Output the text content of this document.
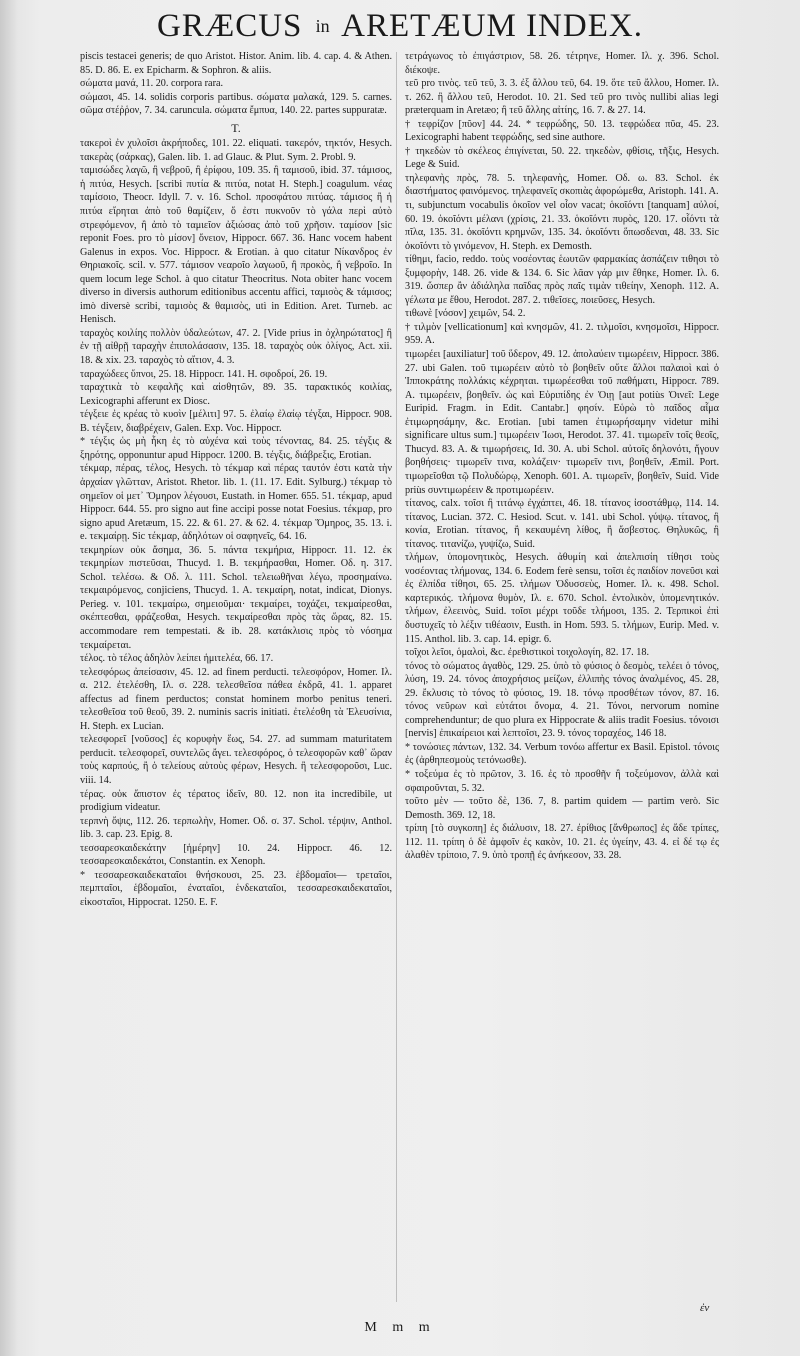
GRÆCUS in ARETÆUM INDEX.

piscis testacei generis; de quo Aristot. Histor. Anim. lib. 4. cap. 4. & Athen. 85. D. 86. E. ex Epicharm. & Sophron. & aliis.

σώματα μανά, 11. 20. corpora rara.

σώμασι, 45. 14. solidis corporis partibus. σώματα μαλακά, 129. 5. carnes. σῶμα στέῤῥον, 7. 34. caruncula. σώματα ἔμπυα, 140. 22. partes suppuratæ.

T.

τακερoὶ ἐν χυλοῖσι ἀκρήποδες, 101. 22. eliquati. τακερόν, τηκτόν, Hesych. τακερὰς (σάρκας), Galen. lib. 1. ad Glauc. & Plut. Sym. 2. Probl. 9.

ταμισώδες λαγῶ, ἢ νεβροῦ, ἢ ἐρίφου, 109. 35. ἢ ταμισοῦ, ibid. 37. τάμισος, ἡ πιτύα, Hesych. [scribi πυτία & πιτύα, notat H. Steph.] coagulum. νέας ταμίσοιο, Theocr. Idyll. 7. v. 16. Schol. προσφάτου πιτύας. τάμισος ἢ ἡ πιτύα εἴρηται ἀπὸ τοῦ θαμίζειν, ὅ ἐστι πυκνοῦν τὸ γάλα περὶ αὐτὸ στρεφόμενον, ἢ ἀπὸ τὸ ταμιεῖον ἀξιώσας ἀπὸ τοῦ χρῆσιν. ταμίσον [sic reponit Foes. pro τὸ μίσον] ὄνειον, Hippocr. 667. 36. Hanc vocem habent Galenus in expos. Voc. Hippocr. & Erotian. à quo citatur Νίκανδρος ἐν Θηριακοῖς. scil. v. 577. τάμισον νεαροῖο λαγωοῦ, ἢ προκὸς, ἢ νεβροῖο. In quem locum lege Schol. à quo citatur Theocritus. Nota obiter hanc vocem diverso in diversis authorum editionibus accentu affici, ταμισὸς & τάμισος; imò diversè scribi, ταμισὸς & θαμισὸς, utì in Edition. Aret. Turneb. ac Henisch.

ταραχὸς κοιλίης πολλὸν ὑδαλεώτων, 47. 2. [Vide prius in ὀχληρώτατος] ἢ ἐν τῇ αἰθρῇ ταραχὴν ἐπιπολάσασιν, 135. 18. ταραχὸς οὐκ ὀλίγος, Act. xii. 18. & xix. 23. ταραχὸς τὸ αἴτιον, 4. 3.

ταραχώδεες ὕπνοι, 25. 18. Hippocr. 141. H. σφοδροί, 26. 19.

ταραχτικὰ τὸ κεφαλῆς καὶ αἰσθητῶν, 89. 35. ταρακτικός κοιλίας, Lexicographi afferunt ex Diosc.

τέγξειε ἐς κρέας τὸ κυσὶν [μέλιτι] 97. 5. ἐλαίῳ ἐλαίῳ τέγξαι, Hippocr. 908. B. τέγξειν, διαβρέχειν, Galen. Exp. Voc. Hippocr.

* τέγξις ὡς μὴ ἦκη ἐς τὸ αὐχένα καὶ τοὺς τένοντας, 84. 25. τέγξις & ξηρότης, opponuntur apud Hippocr. 1200. B. τέγξις, διάβρεξις, Erotian.

τέκμαρ, πέρας, τέλος, Hesych. τὸ τέκμαρ καὶ πέρας ταυτόν ἐστι κατὰ τὴν ἀρχαίαν γλῶτταν, Aristot. Rhetor. lib. 1. (11. 17. Edit. Sylburg.) τέκμαρ τὸ σημεῖον οἱ μετ᾽ Ὅμηρον λέγουσι, Eustath. in Homer. 655. 51. τέκμαρ, apud Hippocr. 644. 55. pro signo aut fine accipi posse notat Foesius. τέκμαρ, pro signo apud Aretæum, 15. 22. & 61. 27. & 62. 4. τέκμαρ Ὅμηρος, 35. 13. i. e. τεκμαίρῃ. Sic τέκμαρ, ἀδηλότων οἱ σαφηνεῖς, 64. 16.

τεκμηρίων οὐκ ἄσημα, 36. 5. πάντα τεκμήρια, Hippocr. 11. 12. ἐκ τεκμηρίων πιστεῦσαι, Thucyd. 1. B. τεκμήρασθαι, Homer. Οδ. η. 317. Schol. τελέσω. & Οδ. λ. 111. Schol. τελειωθῆναι λέγω, προσημαίνω. τεκμαιρόμενος, conjiciens, Thucyd. 1. A. τεκμαίρη, notat, indicat, Dionys. Perieg. v. 101. τεκμαίρω, σημειοῦμαι· τεκμαίρει, τοχάζει, τεκμαίρεσθαι, σκέπτεσθαι, φράζεσθαι, Hesych. τεκμαίρεσθαι πρὸς τὰς ὥρας, 82. 15. accommodare rem tempestati. & ib. 28. κατάκλισις πρὸς τὸ νόσημα τεκμαίρεται.

τέλος. τὸ τέλος ἀδηλὸν λείπει ἡμιτελέα, 66. 17.

τελεσφόρως ἀπείσασιν, 45. 12. ad finem perducti. τελεσφόρον, Homer. Ιλ. α. 212. ἐτελέσθη, Ιλ. σ. 228. τελεσθεῖσα πάθεα ἐκδρᾶ, 41. 1. apparet affectus ad finem perductos; constat hominem morbo penitus teneri. τελεσθεῖσα τοῦ θεοῦ, 39. 2. numinis sacris initiati. ἐτελέσθη τὰ Ἐλευσίνια, H. Steph. ex Lucian.

τελεσφορεῖ [νοῦσος] ἐς κορυφὴν ἕως, 54. 27. ad summam maturitatem perducit. τελεσφορεῖ, συντελῶς ἄγει. τελεσφόρος, ὁ τελεσφορῶν καθ᾽ ὥραν τοὺς καρπούς, ἢ ὁ τελείους αὐτοὺς φέρων, Hesych. ἢ τελεσφοροῦσι, Luc. viii. 14.

τέρας. οὐκ ἄπιστον ἐς τέρατος ἰδεῖν, 80. 12. non ita incredibile, ut prodigium videatur.

τερπνὴ ὄψις, 112. 26. τερπωλὴν, Homer. Οδ. σ. 37. Schol. τέρψιν, Anthol. lib. 3. cap. 23. Epig. 8.

τεσσαρεσκαιδεκάτην [ἡμέρην] 10. 24. Hippocr. 46. 12. τεσσαρεσκαιδεκάτοι, Constantin. ex Xenoph.

* τεσσαρεσκαιδεκαταῖοι θνήσκουσι, 25. 23. ἑβδομαῖοι— τρεταῖοι, πεμπταῖοι, ἑβδομαῖοι, ἐναταῖοι, ἑνδεκαταῖοι, τεσσαρεσκαιδεκαταῖοι, εἰκοσταῖοι, Hippocrat. 1250. E. F.

τετράγωνος τὸ ἐπιγάστριον, 58. 26. τέτρηνε, Homer. Ιλ. χ. 396. Schol. διέκοψε.

τεῦ pro τινὸς. τεῦ τεῦ, 3. 3. ἐξ ἄλλου τεῦ, 64. 19. ὅτε τεῦ ἄλλου, Homer. Ιλ. τ. 262. ἢ ἄλλου τεῦ, Herodot. 10. 21. Sed τεῦ pro τινὸς nullibi alias legi præterquam in Aretæo; ἢ τεῦ ἄλλης αἰτίης, 16. 7. & 27. 14.

† τεφρίζον [πῦον] 44. 24. * τεφρώδης, 50. 13. τεφρώδεα πῦα, 45. 23. Lexicographi habent τεφρώδης, sed sine authore.

† τηκεδὼν τὸ σκέλεος ἐπιγίνεται, 50. 22. τηκεδὼν, φθίσις, τῆξις, Hesych. Lege & Suid.

τηλεφανὴς πρὸς, 78. 5. τηλεφανὴς, Homer. Οδ. ω. 83. Schol. ἐκ διαστήματος φαινόμενος. τηλεφανεῖς σκοπιὰς ἀφορώμεθα, Aristoph. 141. A.

τι, subjunctum vocabulis ὁκοῖον vel οἷον vacat; ὁκοῖόντι [tanquam] αὐλοί, 60. 19. ὁκοῖόντι μέλανι (χρίσις, 21. 33. ὁκοῖόντι πυρὸς, 120. 17. οἷόντι τὰ πῖλα, 135. 31. ὁκοῖόντι κρημνῶν, 135. 34. ὁκοῖόντι ὅπωσδεναι, 48. 33. Sic ὁκοῖόντι τὸ γινόμενον, H. Steph. ex Demosth.

τίθημι, facio, reddo. τοὺς νοσέοντας ἑωυτῶν φαρμακίας ἀσπάζειν τιθησι τὸ ξυμφορὴν, 148. 26. vide & 134. 6. Sic λᾶαν γάρ μιν ἔθηκε, Homer. Ιλ. 6. 319. ὥσπερ ἂν ἀδιάληλα παῖδας πρὸς παῖς τιμὰν τιθείην, Xenoph. 112. A. γέλωτα με ἔθου, Herodot. 287. 2. τιθεῖσες, ποιεῦσες, Hesych.

τιθωνὲ [νόσον] χειμῶν, 54. 2.

† τιλμὸν [vellicationum] καὶ κνησμῶν, 41. 2. τιλμοῖσι, κνησμοῖσι, Hippocr. 959. A.

τιμωρέει [auxiliatur] τοῦ ὕδερον, 49. 12. ἀπολαύειν τιμωρέειν, Hippocr. 386. 27. ubi Galen. τοῦ τιμωρέειν αὐτὸ τὸ βοηθεῖν οὔτε ἄλλοι παλαιοὶ καὶ ὁ Ἱπποκράτης πολλάκις κέχρηται. τιμωρέεσθαι τοῦ παθήματι, Hippocr. 789. A. τιμωρέειν, βοηθεῖν. ὡς καὶ Εὐριπίδης ἐν Ὀιῃ [aut potiùs Ὀινεῖ: Lege Euripid. Fragm. in Edit. Cantabr.] φησίν. Εὑρὼ τὸ παῖδος αἷμα ἐτιμωρησάμην, &c. Erotian. [ubi tamen ἐτιμωρήσαμην videtur mihi significare ultus sum.] τιμωρέειν Ἰωσι, Herodot. 37. 41. τιμωρεῖν τοῖς θεοῖς, Thucyd. 83. A. & τιμωρήσεις, Id. 30. A. ubi Schol. αὐτοῖς δηλονότι, ἤγουν βοηθήσεις· τιμωρεῖν τινα, κολάζειν· τιμωρεῖν τινι, βοηθεῖν, Æmil. Port. τιμωρεῖσθαι τῷ Πολυδώρῳ, Xenoph. 601. A. τιμωρεῖν, βοηθεῖν, Suid. Vide priùs συντιμωρέειν & προτιμωρέειν.

τίτανος, calx. τοῖσι ἢ τιτάνῳ ἐγχάπτει, 46. 18. τίτανος ἰσοστάθμῳ, 114. 14. τίτανος, Lucian. 372. C. Hesiod. Scut. v. 141. ubi Schol. γύψῳ. τίτανος, ἢ κονία, Erotian. τίτανος, ἢ κεκαυμένη λίθος, ἢ ἄσβεστος. Θηλυκῶς, ἢ τίτανος. τιτανίζω, γυψίζω, Suid.

τλήμων, ὑπομονητικὸς, Hesych. ἀθυμίη καὶ ἀπελπισίη τίθησι τοὺς νοσέοντας τλήμονας, 134. 6. Eodem ferè sensu, τοῖσι ἐς παιδίον πονεῦσι καὶ ἐς ἐλπίδα τίθησι, 65. 25. τλήμων Ὀδυσσεὺς, Homer. Ιλ. κ. 498. Schol. καρτερικός. τλήμονα θυμὸν, Ιλ. ε. 670. Schol. ἐντολικὸν, ὑπομενητικόν. τλήμων, ἐλεεινὸς, Suid. τοῖσι μέχρι τοῦδε τλήμοσι, 135. 2. Τερπικοὶ ἐπὶ δυστυχεῖς τὸ λέξιν τιθέασιν, Eusth. in Hom. 593. 5. τλήμων, Eurip. Med. v. 115. Anthol. lib. 3. cap. 14. epigr. 6.

τοῖχοι λεῖοι, ὁμαλοὶ, &c. ἐρεθιστικοὶ τοιχολογίη, 82. 17. 18.

τόνος τὸ σώματος ἀγαθὸς, 129. 25. ὑπὸ τὸ φύσιος ὁ δεσμὸς, τελέει ὁ τόνος, λύση, 19. 24. τόνος ἀποχρήσιος μείζων, ἐλλιπὴς τόνος ἀναλμένος, 45. 28, 29. ἔκλυσις τὸ τόνος τὸ φύσιος, 19. 18. τόνῳ προσθέτων τόνον, 87. 16. τόνος νεῦρων καὶ εὐτάτοι ὄνομα, 4. 21. Τόνοι, nervorum nomine comprehenduntur; de quo plura ex Hippocrate & aliis tradit Foesius. τόνοισι [nervis] ἐπικαίρειοι καὶ λεπτοῖσι, 23. 9. τόνος τοραχέος, 146 18.

* τονώσιες πάντων, 132. 34. Verbum τονόω affertur ex Basil. Epistol. τόνοις ἐς (ἀρθηπεσμοὺς τετόνωσθε).

* τοξεύμα ἐς τὸ πρῶτον, 3. 16. ἐς τὸ προσθῆν ἢ τοξεύμονον, ἀλλὰ καὶ σφαιροῦνται, 5. 32.

τοῦτο μὲν — τοῦτο δὲ, 136. 7, 8. partim quidem — partim verò. Sic Demosth. 369. 12, 18.

τρίπη [τὸ συγκοπη] ἐς διάλυσιν, 18. 27. ἐρίθιος [ἄνθρωπος] ἐς ἄδε τρίπες, 112. 11. τρίπη ὁ δὲ ἀμφοῖν ἐς κακὸν, 10. 21. ἐς ὑγείην, 43. 4. εἰ δέ τῳ ἐς ἀλαθὲν τρίποιο, 7. 9. ὑπὸ τροπῇ ἐς ἀνήκεσον, 33. 28.

ἐν
M m m
